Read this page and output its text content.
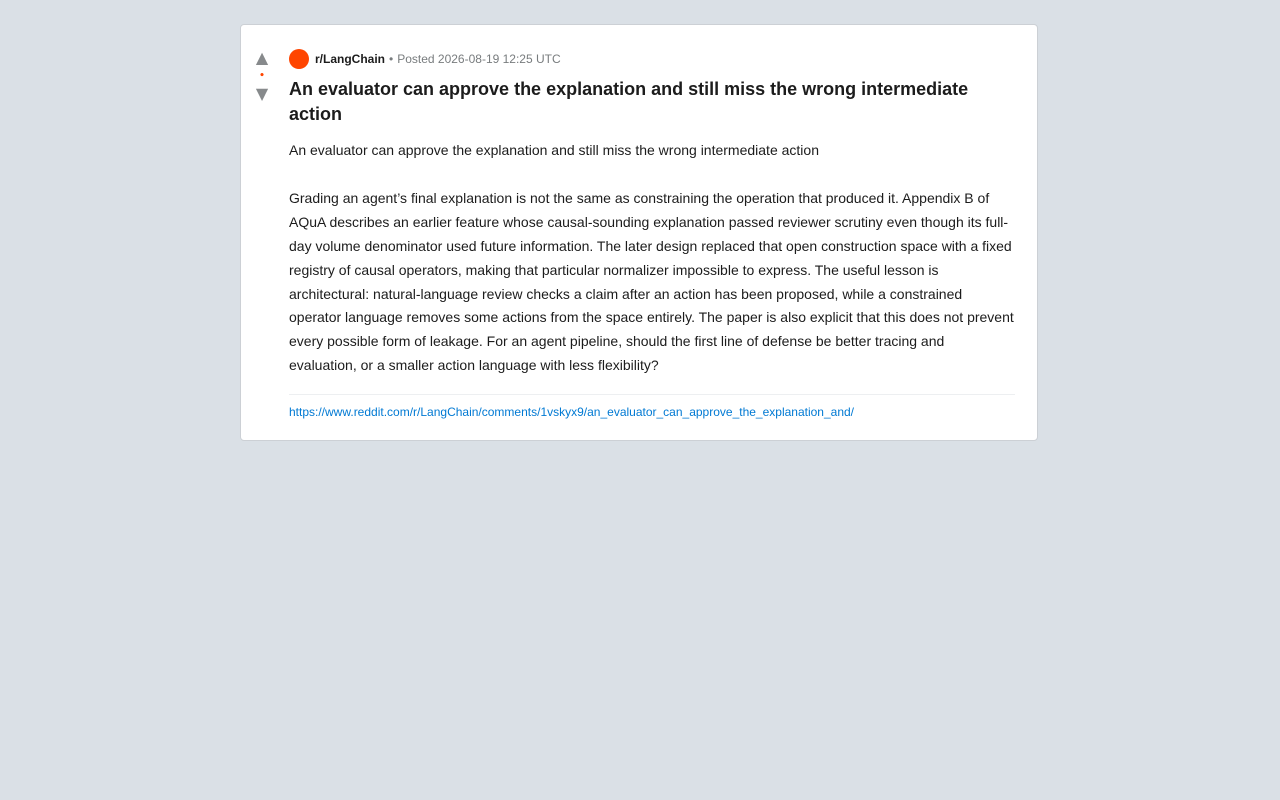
▲
•
▼
r/LangChain • Posted 2026-08-19 12:25 UTC
An evaluator can approve the explanation and still miss the wrong intermediate action

An evaluator can approve the explanation and still miss the wrong intermediate action

Grading an agent’s final explanation is not the same as constraining the operation that produced it. Appendix B of AQuA describes an earlier feature whose causal-sounding explanation passed reviewer scrutiny even though its full-day volume denominator used future information. The later design replaced that open construction space with a fixed registry of causal operators, making that particular normalizer impossible to express. The useful lesson is architectural: natural-language review checks a claim after an action has been proposed, while a constrained operator language removes some actions from the space entirely. The paper is also explicit that this does not prevent every possible form of leakage. For an agent pipeline, should the first line of defense be better tracing and evaluation, or a smaller action language with less flexibility?

https://www.reddit.com/r/LangChain/comments/1vskyx9/an_evaluator_can_approve_the_explanation_and/
